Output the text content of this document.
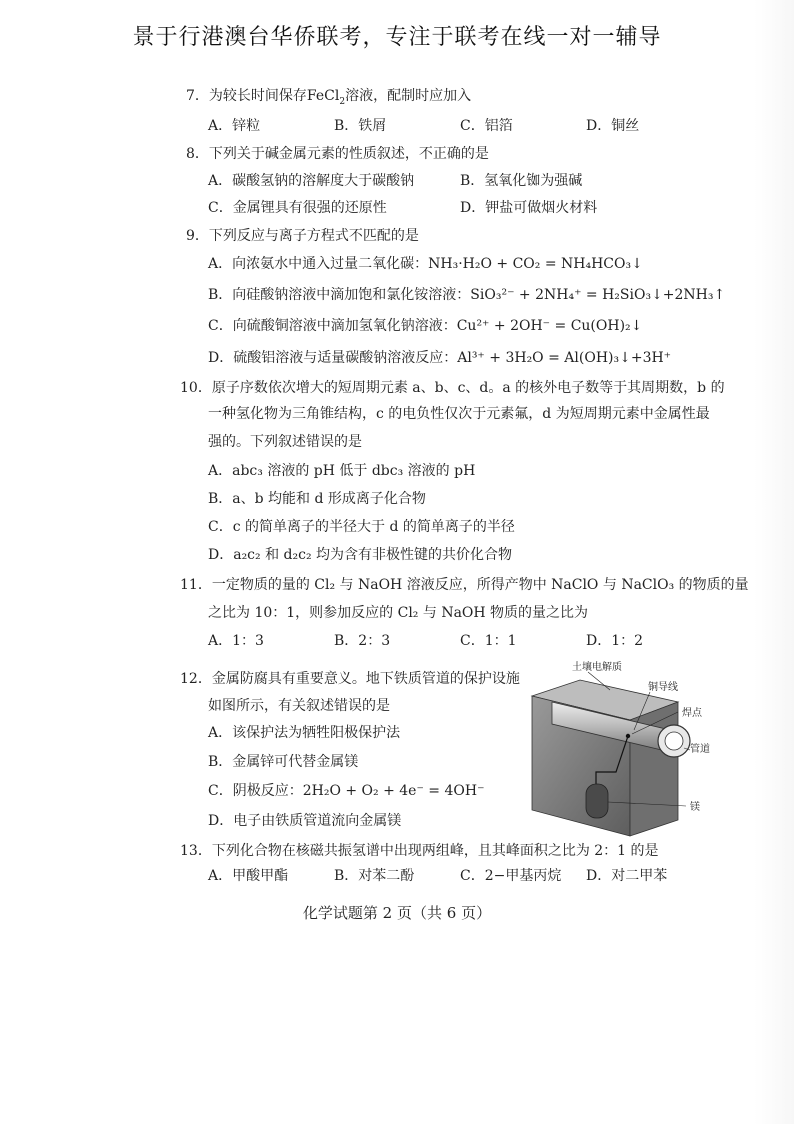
景于行港澳台华侨联考，专注于联考在线一对一辅导
7．为较长时间保存FeCl$_2$溶液，配制时应加入
A．锌粒	B．铁屑	C．铝箔	D．铜丝
8．下列关于碱金属元素的性质叙述，不正确的是
A．碳酸氢钠的溶解度大于碳酸钠	B．氢氧化铷为强碱
C．金属锂具有很强的还原性	D．钾盐可做烟火材料
9．下列反应与离子方程式不匹配的是
A．向浓氨水中通入过量二氧化碳：NH₃·H₂O + CO₂ = NH₄HCO₃↓
B．向硅酸钠溶液中滴加饱和氯化铵溶液：SiO₃²⁻ + 2NH₄⁺ = H₂SiO₃↓+2NH₃↑
C．向硫酸铜溶液中滴加氢氧化钠溶液：Cu²⁺ + 2OH⁻ = Cu(OH)₂↓
D．硫酸铝溶液与适量碳酸钠溶液反应：Al³⁺ + 3H₂O = Al(OH)₃↓+3H⁺
10．原子序数依次增大的短周期元素 a、b、c、d。a 的核外电子数等于其周期数，b 的
一种氢化物为三角锥结构，c 的电负性仅次于元素氟，d 为短周期元素中金属性最
强的。下列叙述错误的是
A．abc₃ 溶液的 pH 低于 dbc₃ 溶液的 pH
B．a、b 均能和 d 形成离子化合物
C．c 的简单离子的半径大于 d 的简单离子的半径
D．a₂c₂ 和 d₂c₂ 均为含有非极性键的共价化合物
11．一定物质的量的 Cl₂ 与 NaOH 溶液反应，所得产物中 NaClO 与 NaClO₃ 的物质的量
之比为 10：1，则参加反应的 Cl₂ 与 NaOH 物质的量之比为
A．1：3	B．2：3	C．1：1	D．1：2
12．金属防腐具有重要意义。地下铁质管道的保护设施
如图所示，有关叙述错误的是
A．该保护法为牺牲阳极保护法
B．金属锌可代替金属镁
C．阴极反应：2H₂O + O₂ + 4e⁻ = 4OH⁻
D．电子由铁质管道流向金属镁
土壤电解质
铜导线
焊点
管道
镁
13．下列化合物在核磁共振氢谱中出现两组峰，且其峰面积之比为 2：1 的是
A．甲酸甲酯	B．对苯二酚	C．2−甲基丙烷 D．对二甲苯
化学试题第 2 页（共 6 页）
